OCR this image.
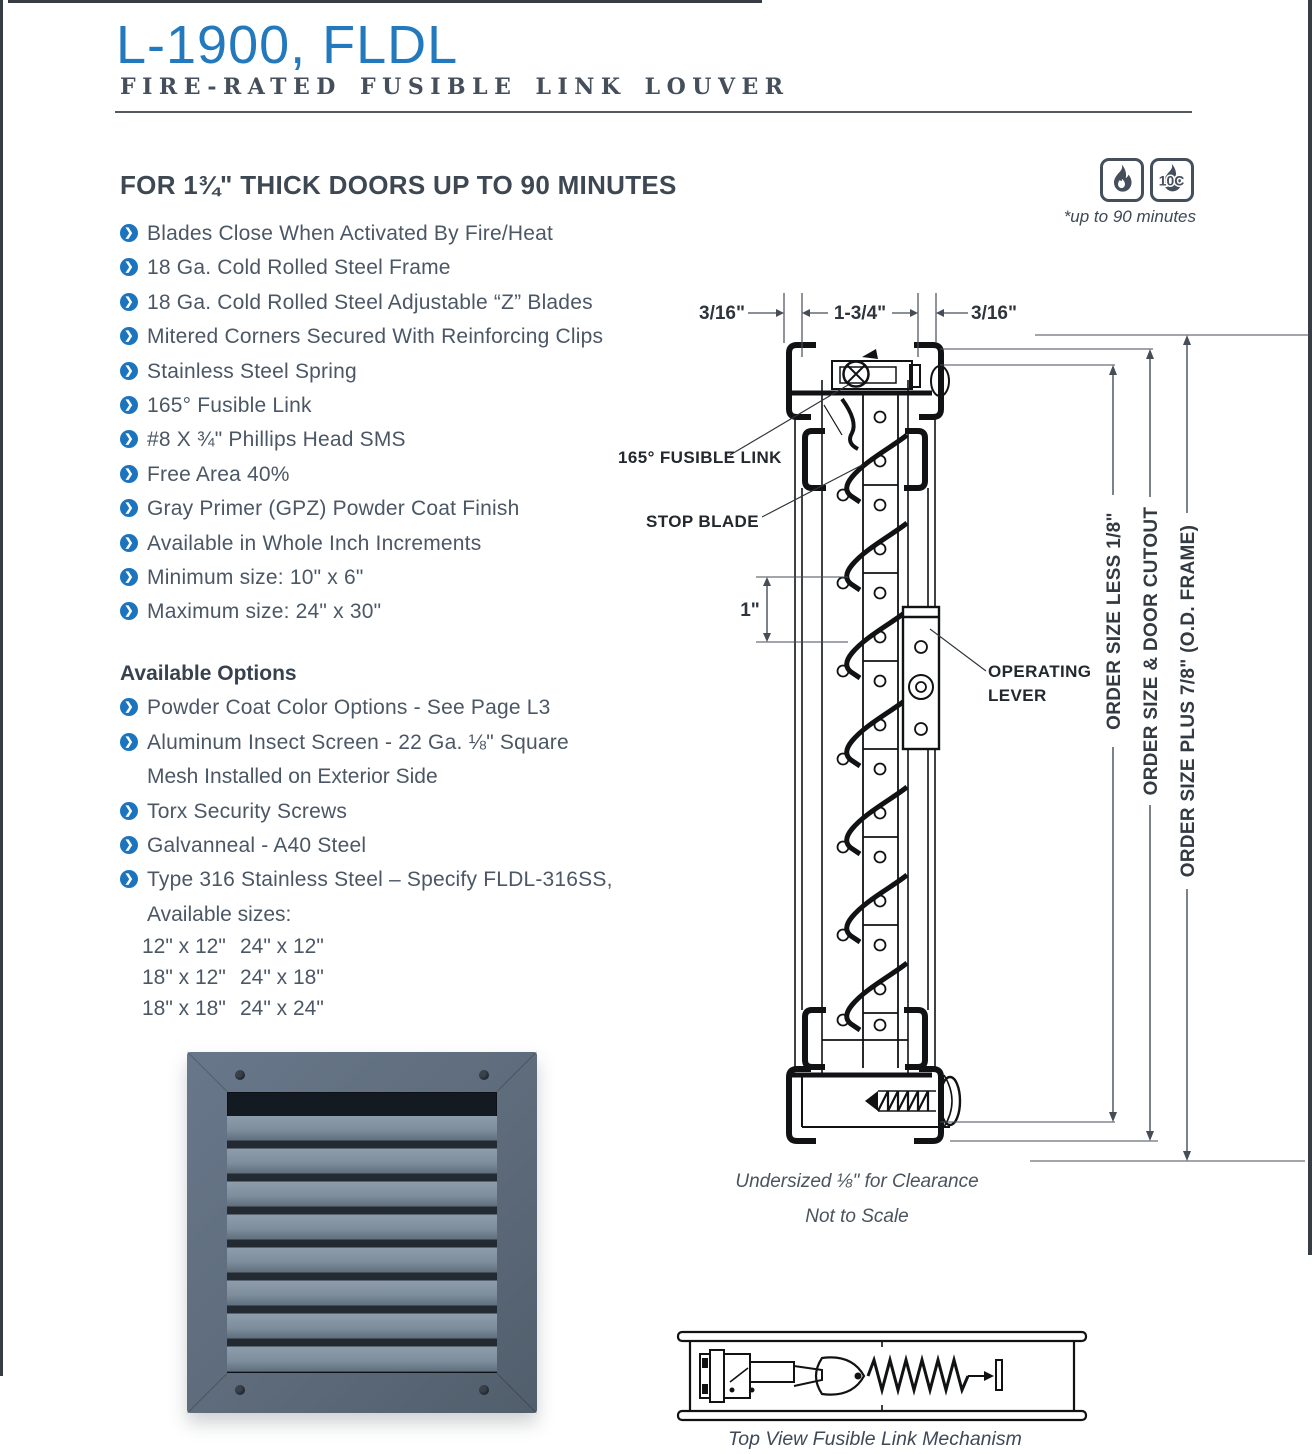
L-1900, FLDL
FIRE-RATED FUSIBLE LINK LOUVER
FOR 1¾" THICK DOORS UP TO 90 MINUTES	10C
*up to 90 minutes
❯ Blades Close When Activated By Fire/Heat
❯ 18 Ga. Cold Rolled Steel Frame
❯ 18 Ga. Cold Rolled Steel Adjustable “Z” Blades
❯ Mitered Corners Secured With Reinforcing Clips
❯ Stainless Steel Spring
❯ 165° Fusible Link
❯ #8 X ¾" Phillips Head SMS
❯ Free Area 40%
❯ Gray Primer (GPZ) Powder Coat Finish
❯ Available in Whole Inch Increments
❯ Minimum size: 10" x 6"
❯ Maximum size: 24" x 30"
Available Options
❯ Powder Coat Color Options - See Page L3
❯ Aluminum Insect Screen - 22 Ga. ⅛" Square
Mesh Installed on Exterior Side
❯ Torx Security Screws
❯ Galvanneal - A40 Steel
❯ Type 316 Stainless Steel – Specify FLDL-316SS,
Available sizes:
12" x 12" 24" x 12"
18" x 12" 24" x 18"
18" x 18" 24" x 24"
3/16"	1-3/4"	3/16"
1"
165° FUSIBLE LINK
STOP BLADE
OPERATING
LEVER	ORDER SIZE LESS 1/8" ORDER SIZE & DOOR CUTOUT ORDER SIZE PLUS 7/8" (O.D. FRAME)
Undersized ⅛" for Clearance
Not to Scale
Top View Fusible Link Mechanism
